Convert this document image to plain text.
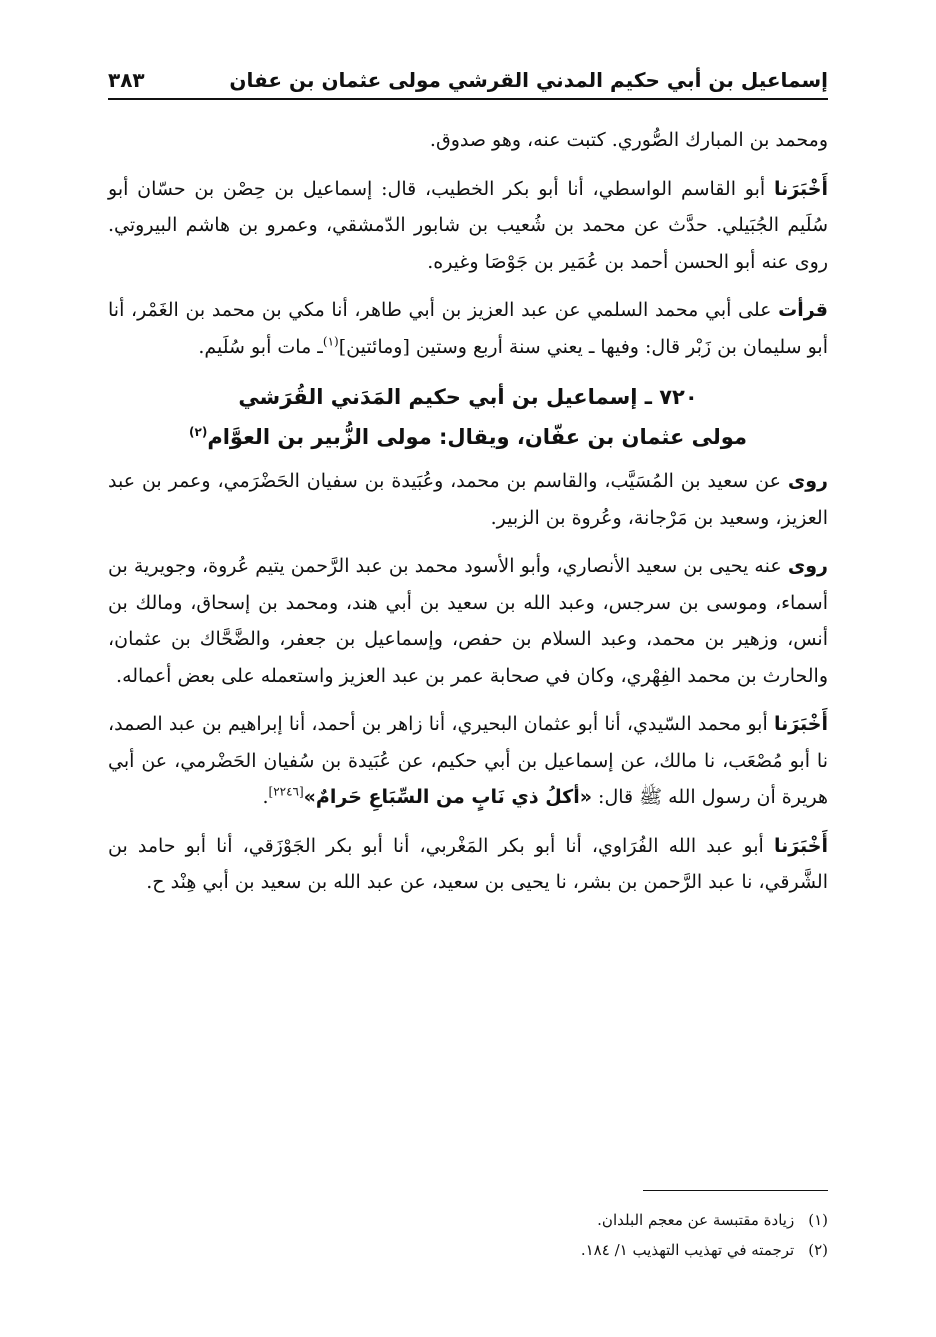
إسماعيل بن أبي حكيم المدني القرشي مولى عثمان بن عفان
٣٨٣

ومحمد بن المبارك الصُّوري. كتبت عنه، وهو صدوق.

أَخْبَرَنا أبو القاسم الواسطي، أنا أبو بكر الخطيب، قال: إسماعيل بن حِصْن بن حسّان أبو سُلَيم الجُبَيلي. حدَّث عن محمد بن شُعيب بن شابور الدّمشقي، وعمرو بن هاشم البيروتي. روى عنه أبو الحسن أحمد بن عُمَير بن جَوْصَا وغيره.

قرأت على أبي محمد السلمي عن عبد العزيز بن أبي طاهر، أنا مكي بن محمد بن الغَمْر، أنا أبو سليمان بن زَبْر قال: وفيها ـ يعني سنة أربع وستين [ومائتين]$^{(١)}$ـ مات أبو سُلَيم.

٧٢٠ ـ إسماعيل بن أبي حكيم المَدَني القُرَشي
مولى عثمان بن عفّان، ويقال: مولى الزُّبير بن العوَّام$^{(٢)}$

روى عن سعيد بن المُسَيَّب، والقاسم بن محمد، وعُبَيدة بن سفيان الحَضْرَمي، وعمر بن عبد العزيز، وسعيد بن مَرْجانة، وعُروة بن الزبير.

روى عنه يحيى بن سعيد الأنصاري، وأبو الأسود محمد بن عبد الرَّحمن يتيم عُروة، وجويرية بن أسماء، وموسى بن سرجس، وعبد الله بن سعيد بن أبي هند، ومحمد بن إسحاق، ومالك بن أنس، وزهير بن محمد، وعبد السلام بن حفص، وإسماعيل بن جعفر، والضَّحَّاك بن عثمان، والحارث بن محمد الفِهْري، وكان في صحابة عمر بن عبد العزيز واستعمله على بعض أعماله.

أَخْبَرَنا أبو محمد السّيدي، أنا أبو عثمان البحيري، أنا زاهر بن أحمد، أنا إبراهيم بن عبد الصمد، نا أبو مُصْعَب، نا مالك، عن إسماعيل بن أبي حكيم، عن عُبَيدة بن سُفيان الحَضْرمي، عن أبي هريرة أن رسول الله ﷺ قال: «أكلُ ذي نَابٍ من السِّبَاعِ حَرامٌ»[٢٢٤٦].

أَخْبَرَنا أبو عبد الله الفُرَاوي، أنا أبو بكر المَغْربي، أنا أبو بكر الجَوْزَقي، أنا أبو حامد بن الشَّرقي، نا عبد الرَّحمن بن بشر، نا يحيى بن سعيد، عن عبد الله بن سعيد بن أبي هِنْد ح.

(١)
زيادة مقتبسة عن معجم البلدان.
(٢)
ترجمته في تهذيب التهذيب ١/ ١٨٤.
